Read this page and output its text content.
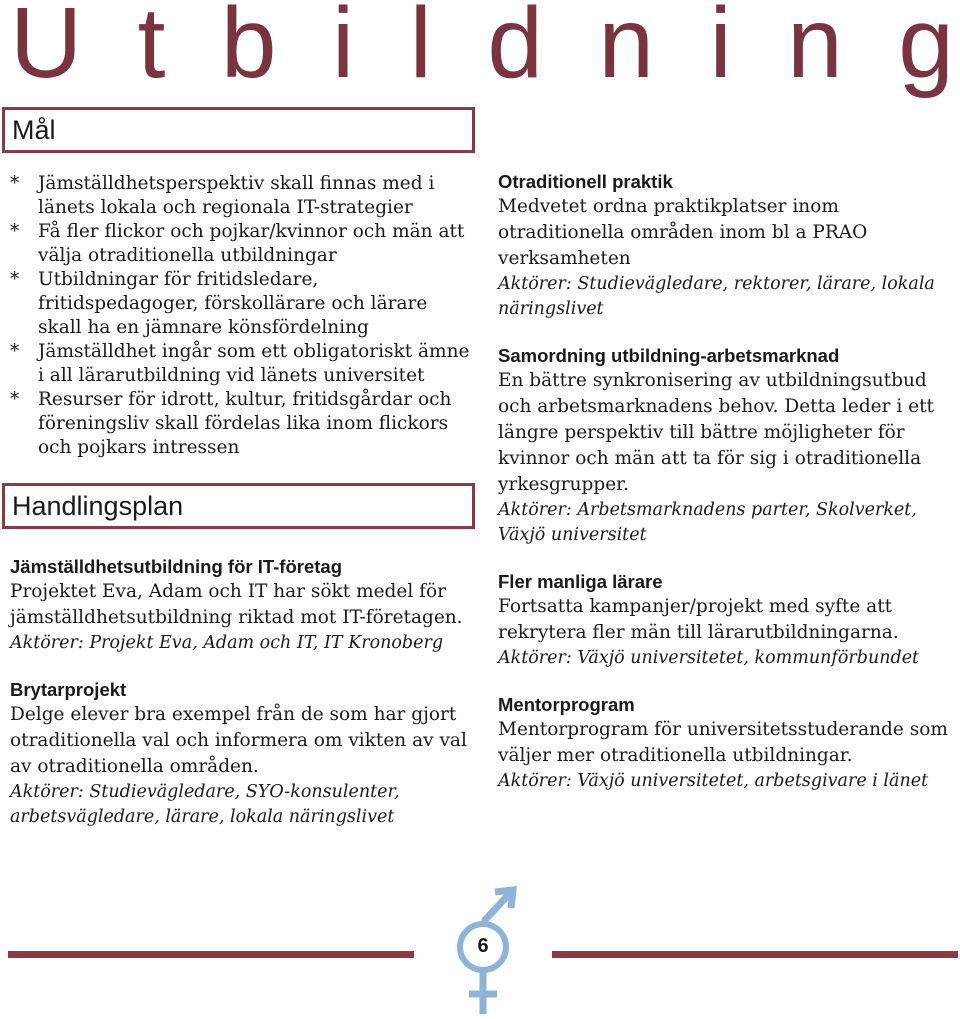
U t b i l d n i n g
Mål
* Jämställdhetsperspektiv skall finnas med i länets lokala och regionala IT-strategier
* Få fler flickor och pojkar/kvinnor och män att välja otraditionella utbildningar
* Utbildningar för fritidsledare, fritidspedagoger, förskollärare och lärare skall ha en jämnare könsfördelning
* Jämställdhet ingår som ett obligatoriskt ämne i all lärarutbildning vid länets universitet
* Resurser för idrott, kultur, fritidsgårdar och föreningsliv skall fördelas lika inom flickors och pojkars intressen
Handlingsplan

Jämställdhetsutbildning för IT-företag

Projektet Eva, Adam och IT har sökt medel för jämställdhetsutbildning riktad mot IT-företagen.

Aktörer: Projekt Eva, Adam och IT, IT Kronoberg

Brytarprojekt

Delge elever bra exempel från de som har gjort otraditionella val och informera om vikten av val av otraditionella områden.

Aktörer: Studievägledare, SYO-konsulenter, arbetsvägledare, lärare, lokala näringslivet

Otraditionell praktik

Medvetet ordna praktikplatser inom otraditionella områden inom bl a PRAO verksamheten

Aktörer: Studievägledare, rektorer, lärare, lokala näringslivet

Samordning utbildning-arbetsmarknad

En bättre synkronisering av utbildningsutbud och arbetsmarknadens behov. Detta leder i ett längre perspektiv till bättre möjligheter för kvinnor och män att ta för sig i otraditionella yrkesgrupper.

Aktörer: Arbetsmarknadens parter, Skolverket, Växjö universitet

Fler manliga lärare

Fortsatta kampanjer/projekt med syfte att rekrytera fler män till lärarutbildningarna.

Aktörer: Växjö universitetet, kommunförbundet

Mentorprogram

Mentorprogram för universitetsstuderande som väljer mer otraditionella utbildningar.

Aktörer: Växjö universitetet, arbetsgivare i länet

6
